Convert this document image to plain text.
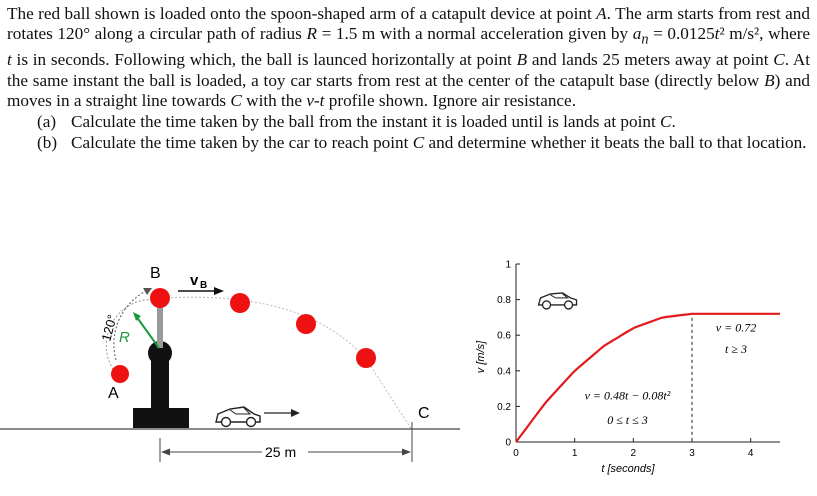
The red ball shown is loaded onto the spoon-shaped arm of a catapult device at point A. The arm starts from rest and rotates 120° along a circular path of radius R = 1.5 m with a normal acceleration given by $a_n = 0.0125t^2$ m/s², where t is in seconds. Following which, the ball is launced horizontally at point B and lands 25 meters away at point C. At the same instant the ball is loaded, a toy car starts from rest at the center of the catapult base (directly below B) and moves in a straight line towards C with the v-t profile shown. Ignore air resistance.

(a) Calculate the time taken by the ball from the instant it is loaded until is lands at point C.
(b) Calculate the time taken by the car to reach point C and determine whether it beats the ball to that location.
B v B
R
120°
A
C
25 m	0	1	2	3	4
0
0.2
0.4
0.6
0.8
1
t [seconds]
v [m/s]
v = 0.48t − 0.08t²
0 ≤ t ≤ 3
v = 0.72
t ≥ 3
